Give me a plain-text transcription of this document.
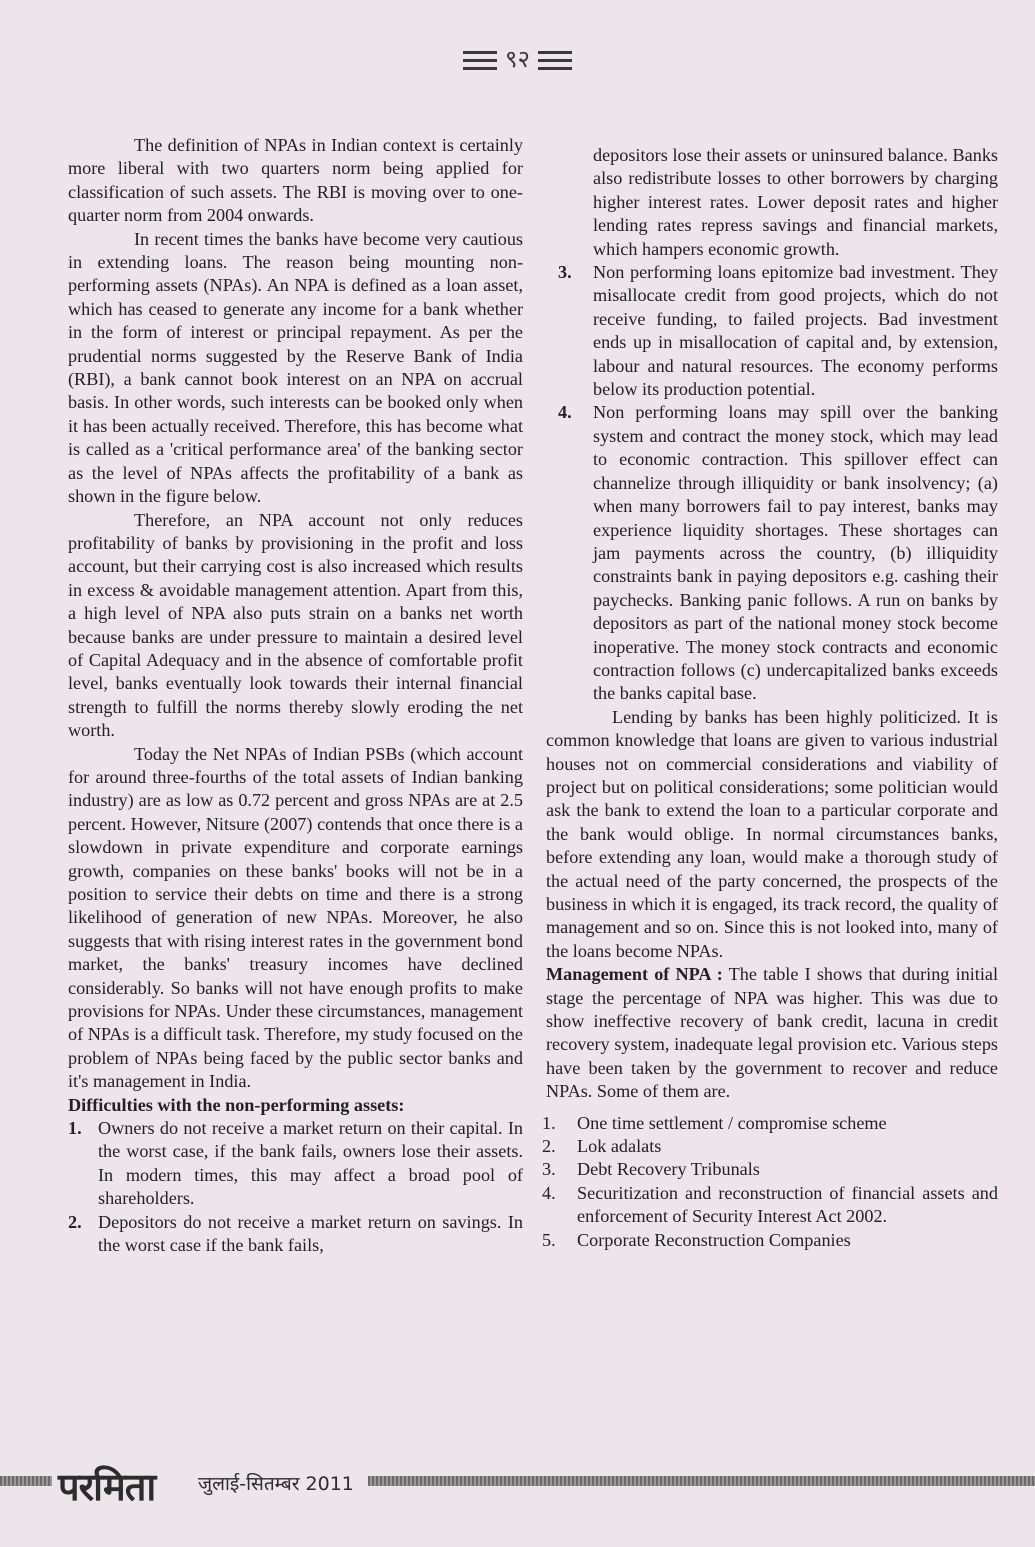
९२

The definition of NPAs in Indian context is certainly more liberal with two quarters norm being applied for classification of such assets. The RBI is moving over to one-quarter norm from 2004 onwards.

In recent times the banks have become very cautious in extending loans. The reason being mounting non-performing assets (NPAs). An NPA is defined as a loan asset, which has ceased to generate any income for a bank whether in the form of interest or principal repayment. As per the prudential norms suggested by the Reserve Bank of India (RBI), a bank cannot book interest on an NPA on accrual basis. In other words, such interests can be booked only when it has been actually received. Therefore, this has become what is called as a 'critical performance area' of the banking sector as the level of NPAs affects the profitability of a bank as shown in the figure below.

Therefore, an NPA account not only reduces profitability of banks by provisioning in the profit and loss account, but their carrying cost is also increased which results in excess & avoidable management attention. Apart from this, a high level of NPA also puts strain on a banks net worth because banks are under pressure to maintain a desired level of Capital Adequacy and in the absence of comfortable profit level, banks eventually look towards their internal financial strength to fulfill the norms thereby slowly eroding the net worth.

Today the Net NPAs of Indian PSBs (which account for around three-fourths of the total assets of Indian banking industry) are as low as 0.72 percent and gross NPAs are at 2.5 percent. However, Nitsure (2007) contends that once there is a slowdown in private expenditure and corporate earnings growth, companies on these banks' books will not be in a position to service their debts on time and there is a strong likelihood of generation of new NPAs. Moreover, he also suggests that with rising interest rates in the government bond market, the banks' treasury incomes have declined considerably. So banks will not have enough profits to make provisions for NPAs. Under these circumstances, management of NPAs is a difficult task. Therefore, my study focused on the problem of NPAs being faced by the public sector banks and it's management in India.

Difficulties with the non-performing assets:

1. Owners do not receive a market return on their capital. In the worst case, if the bank fails, owners lose their assets. In modern times, this may affect a broad pool of shareholders.
2. Depositors do not receive a market return on savings. In the worst case if the bank fails,

depositors lose their assets or uninsured balance. Banks also redistribute losses to other borrowers by charging higher interest rates. Lower deposit rates and higher lending rates repress savings and financial markets, which hampers economic growth.

3. Non performing loans epitomize bad investment. They misallocate credit from good projects, which do not receive funding, to failed projects. Bad investment ends up in misallocation of capital and, by extension, labour and natural resources. The economy performs below its production potential.
4. Non performing loans may spill over the banking system and contract the money stock, which may lead to economic contraction. This spillover effect can channelize through illiquidity or bank insolvency; (a) when many borrowers fail to pay interest, banks may experience liquidity shortages. These shortages can jam payments across the country, (b) illiquidity constraints bank in paying depositors e.g. cashing their paychecks. Banking panic follows. A run on banks by depositors as part of the national money stock become inoperative. The money stock contracts and economic contraction follows (c) undercapitalized banks exceeds the banks capital base.

Lending by banks has been highly politicized. It is common knowledge that loans are given to various industrial houses not on commercial considerations and viability of project but on political considerations; some politician would ask the bank to extend the loan to a particular corporate and the bank would oblige. In normal circumstances banks, before extending any loan, would make a thorough study of the actual need of the party concerned, the prospects of the business in which it is engaged, its track record, the quality of management and so on. Since this is not looked into, many of the loans become NPAs.

Management of NPA : The table I shows that during initial stage the percentage of NPA was higher. This was due to show ineffective recovery of bank credit, lacuna in credit recovery system, inadequate legal provision etc. Various steps have been taken by the government to recover and reduce NPAs. Some of them are.

1. One time settlement / compromise scheme
2. Lok adalats
3. Debt Recovery Tribunals
4. Securitization and reconstruction of financial assets and enforcement of Security Interest Act 2002.
5. Corporate Reconstruction Companies
परमिता जुलाई-सितम्बर 2011
